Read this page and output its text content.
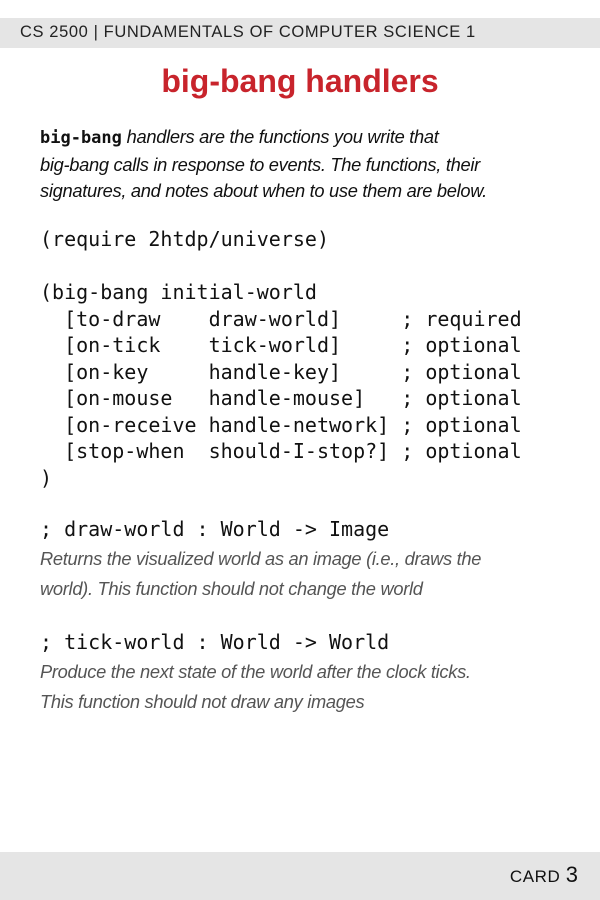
CS 2500 | FUNDAMENTALS OF COMPUTER SCIENCE 1
big-bang handlers
big-bang handlers are the functions you write that
big-bang calls in response to events. The functions, their
signatures, and notes about when to use them are below.
(require 2htdp/universe)
(big-bang initial-world
[to-draw    draw-world]     ; required
[on-tick    tick-world]     ; optional
[on-key     handle-key]     ; optional
[on-mouse   handle-mouse]   ; optional
[on-receive handle-network] ; optional
[stop-when  should-I-stop?] ; optional
)
; draw-world : World -> Image
Returns the visualized world as an image (i.e., draws the
world). This function should not change the world
; tick-world : World -> World
Produce the next state of the world after the clock ticks.
This function should not draw any images
CARD 3
